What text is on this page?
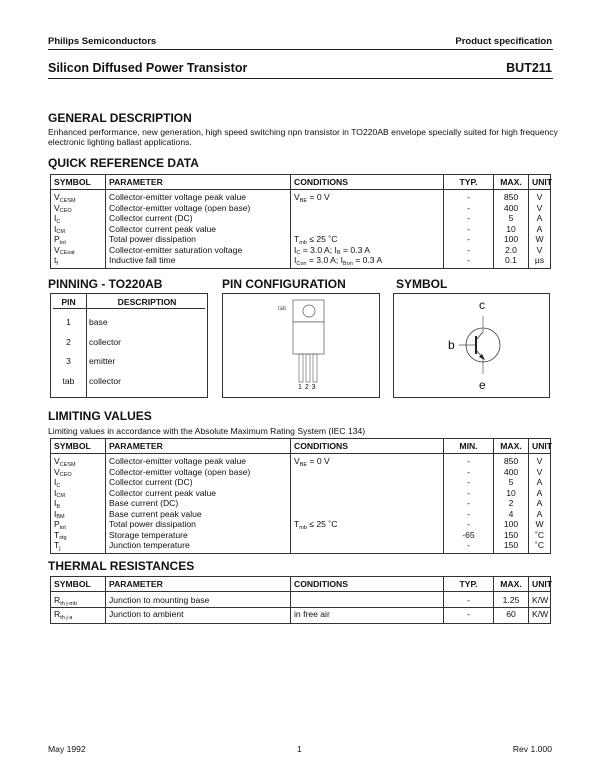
Philips Semiconductors	Product specification
Silicon Diffused Power Transistor	BUT211
GENERAL DESCRIPTION
Enhanced performance, new generation, high speed switching npn transistor in TO220AB envelope specially suited for high frequency electronic lighting ballast applications.
QUICK REFERENCE DATA
SYMBOL	PARAMETER	CONDITIONS	TYP.	MAX.	UNIT
$V_{CESM}$	Collector-emitter voltage peak value	$V_{BE} = 0$ V	-	850	V
$V_{CEO}$	Collector-emitter voltage (open base)		-	400	V
$I_C$	Collector current (DC)		-	5	A
$I_{CM}$	Collector current peak value		-	10	A
$P_{tot}$	Total power dissipation	$T_{mb} \le 25$ ˚C	-	100	W
$V_{CEsat}$	Collector-emitter saturation voltage	$I_C = 3.0$ A; $I_B = 0.3$ A	-	2.0	V
$t_f$	Inductive fall time	$I_{Con} = 3.0$ A; $I_{Bon} = 0.3$ A	-	0.1	µs
PINNING - TO220AB	PIN CONFIGURATION	SYMBOL
PIN	DESCRIPTION
1	base
2	collector
3	emitter
tab	collector
tab
1 2 3
c
b
e
LIMITING VALUES
Limiting values in accordance with the Absolute Maximum Rating System (IEC 134)
SYMBOL	PARAMETER	CONDITIONS	MIN.	MAX.	UNIT
$V_{CESM}$	Collector-emitter voltage peak value	$V_{BE} = 0$ V	-	850	V
$V_{CEO}$	Collector-emitter voltage (open base)		-	400	V
$I_C$	Collector current (DC)		-	5	A
$I_{CM}$	Collector current peak value		-	10	A
$I_B$	Base current (DC)		-	2	A
$I_{BM}$	Base current peak value		-	4	A
$P_{tot}$	Total power dissipation	$T_{mb} \le 25$ ˚C	-	100	W
$T_{stg}$	Storage temperature		-65	150	˚C
$T_j$	Junction temperature		-	150	˚C
THERMAL RESISTANCES
SYMBOL	PARAMETER	CONDITIONS	TYP.	MAX.	UNIT
$R_{th j-mb}$	Junction to mounting base		-	1.25	K/W
$R_{th j-a}$	Junction to ambient	in free air	-	60	K/W
May 1992	1	Rev 1.000
